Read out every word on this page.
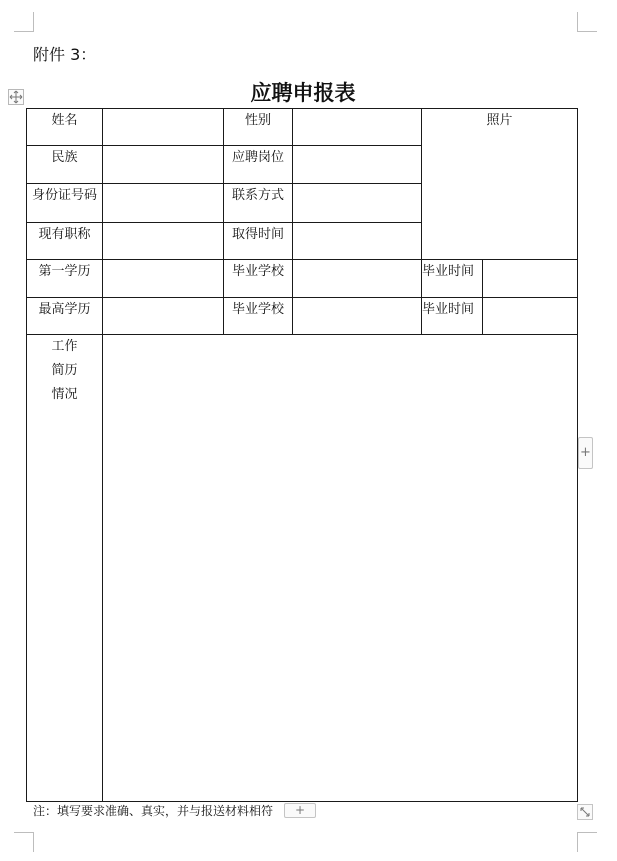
附件 3：
应聘申报表
姓名		性别		照片	
民族		应聘岗位			
身份证号码		联系方式			
现有职称		取得时间			
第一学历		毕业学校		毕业时间	
最高学历		毕业学校		毕业时间	

工作
简历
情况					

+
注：填写要求准确、真实，并与报送材料相符	+
